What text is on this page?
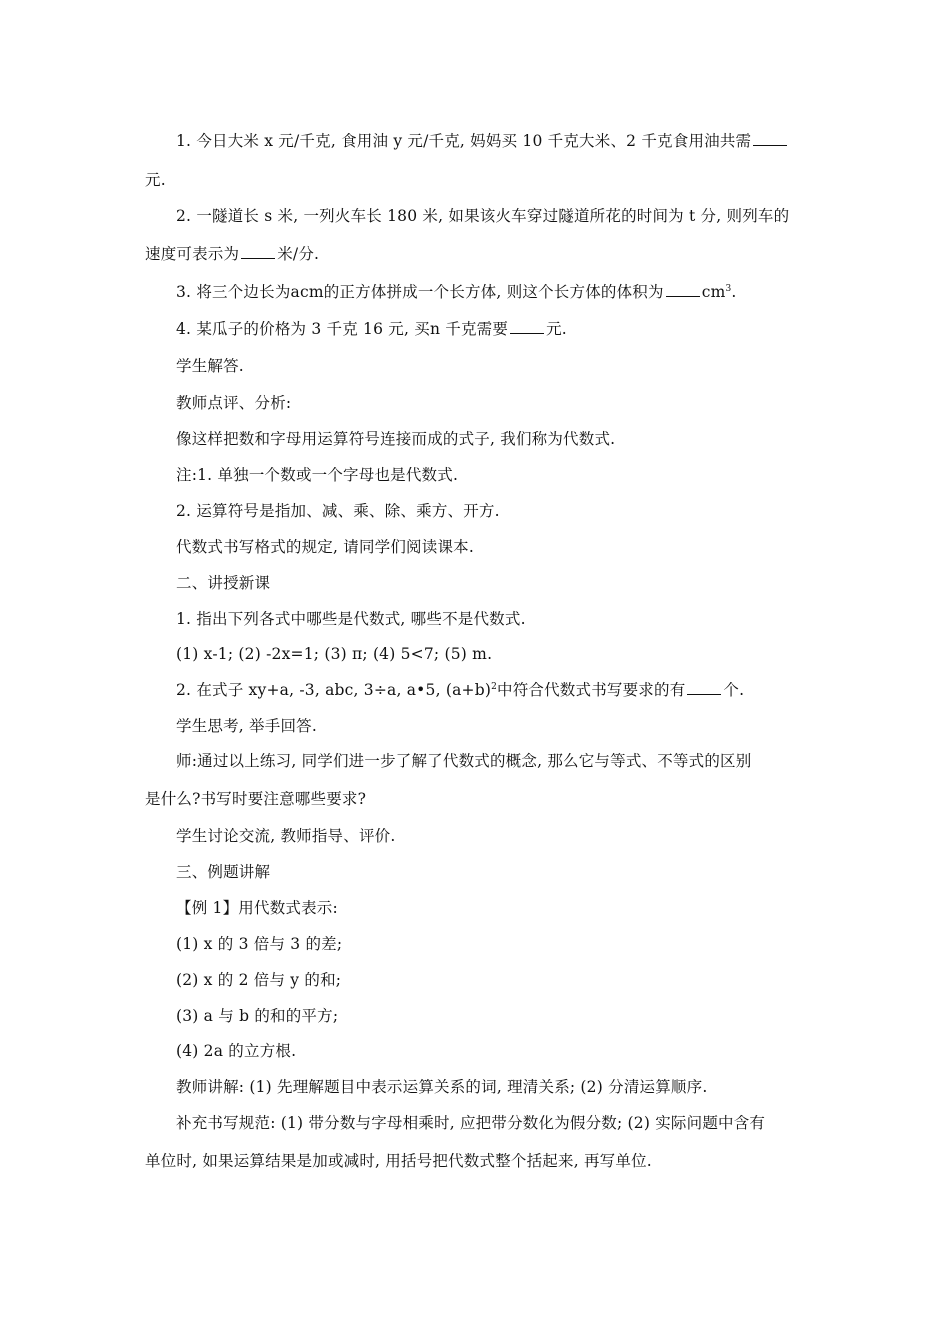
1. 今日大米 x 元/千克, 食用油 y 元/千克, 妈妈买 10 千克大米、2 千克食用油共需
元.
2. 一隧道长 s 米, 一列火车长 180 米, 如果该火车穿过隧道所花的时间为 t 分, 则列车的
速度可表示为 米/分.
3. 将三个边长为acm的正方体拼成一个长方体, 则这个长方体的体积为 $cm^3$.
4. 某瓜子的价格为 3 千克 16 元, 买n 千克需要 元.
学生解答.
教师点评、分析:
像这样把数和字母用运算符号连接而成的式子, 我们称为代数式.
注:1. 单独一个数或一个字母也是代数式.
2. 运算符号是指加、减、乘、除、乘方、开方.
代数式书写格式的规定, 请同学们阅读课本.
二、讲授新课
1. 指出下列各式中哪些是代数式, 哪些不是代数式.
(1) x-1; (2) -2x=1; (3) π; (4) 5<7; (5) m.
2. 在式子 xy+a, -3, abc, 3÷a, a•5, $(a+b)^2$中符合代数式书写要求的有 个.
学生思考, 举手回答.
师:通过以上练习, 同学们进一步了解了代数式的概念, 那么它与等式、不等式的区别
是什么?书写时要注意哪些要求?
学生讨论交流, 教师指导、评价.
三、例题讲解
【例 1】用代数式表示:
(1) x 的 3 倍与 3 的差;
(2) x 的 2 倍与 y 的和;
(3) a 与 b 的和的平方;
(4) 2a 的立方根.
教师讲解: (1) 先理解题目中表示运算关系的词, 理清关系; (2) 分清运算顺序.
补充书写规范: (1) 带分数与字母相乘时, 应把带分数化为假分数; (2) 实际问题中含有
单位时, 如果运算结果是加或减时, 用括号把代数式整个括起来, 再写单位.
